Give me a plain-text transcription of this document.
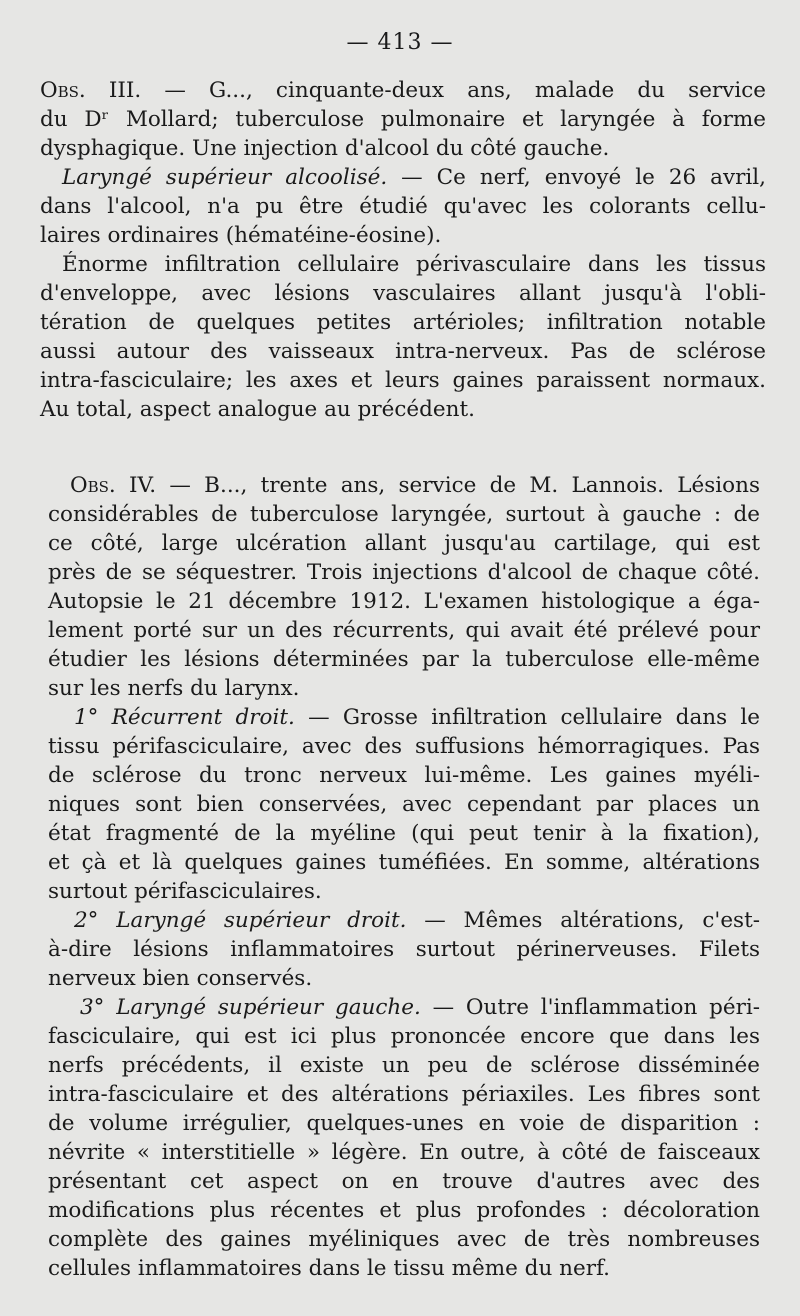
— 413 —
Obs. III. — G..., cinquante-deux ans, malade du service
du Dʳ Mollard; tuberculose pulmonaire et laryngée à forme
dysphagique. Une injection d'alcool du côté gauche.
Laryngé supérieur alcoolisé. — Ce nerf, envoyé le 26 avril,
dans l'alcool, n'a pu être étudié qu'avec les colorants cellu-
laires ordinaires (hématéine-éosine).
Énorme infiltration cellulaire périvasculaire dans les tissus
d'enveloppe, avec lésions vasculaires allant jusqu'à l'obli-
tération de quelques petites artérioles; infiltration notable
aussi autour des vaisseaux intra-nerveux. Pas de sclérose
intra-fasciculaire; les axes et leurs gaines paraissent normaux.
Au total, aspect analogue au précédent.
Obs. IV. — B..., trente ans, service de M. Lannois. Lésions
considérables de tuberculose laryngée, surtout à gauche : de
ce côté, large ulcération allant jusqu'au cartilage, qui est
près de se séquestrer. Trois injections d'alcool de chaque côté.
Autopsie le 21 décembre 1912. L'examen histologique a éga-
lement porté sur un des récurrents, qui avait été prélevé pour
étudier les lésions déterminées par la tuberculose elle-même
sur les nerfs du larynx.
1° Récurrent droit. — Grosse infiltration cellulaire dans le
tissu périfasciculaire, avec des suffusions hémorragiques. Pas
de sclérose du tronc nerveux lui-même. Les gaines myéli-
niques sont bien conservées, avec cependant par places un
état fragmenté de la myéline (qui peut tenir à la fixation),
et çà et là quelques gaines tuméfiées. En somme, altérations
surtout périfasciculaires.
2° Laryngé supérieur droit. — Mêmes altérations, c'est-
à-dire lésions inflammatoires surtout périnerveuses. Filets
nerveux bien conservés.
3° Laryngé supérieur gauche. — Outre l'inflammation péri-
fasciculaire, qui est ici plus prononcée encore que dans les
nerfs précédents, il existe un peu de sclérose disséminée
intra-fasciculaire et des altérations périaxiles. Les fibres sont
de volume irrégulier, quelques-unes en voie de disparition :
névrite « interstitielle » légère. En outre, à côté de faisceaux
présentant cet aspect on en trouve d'autres avec des
modifications plus récentes et plus profondes : décoloration
complète des gaines myéliniques avec de très nombreuses
cellules inflammatoires dans le tissu même du nerf.
